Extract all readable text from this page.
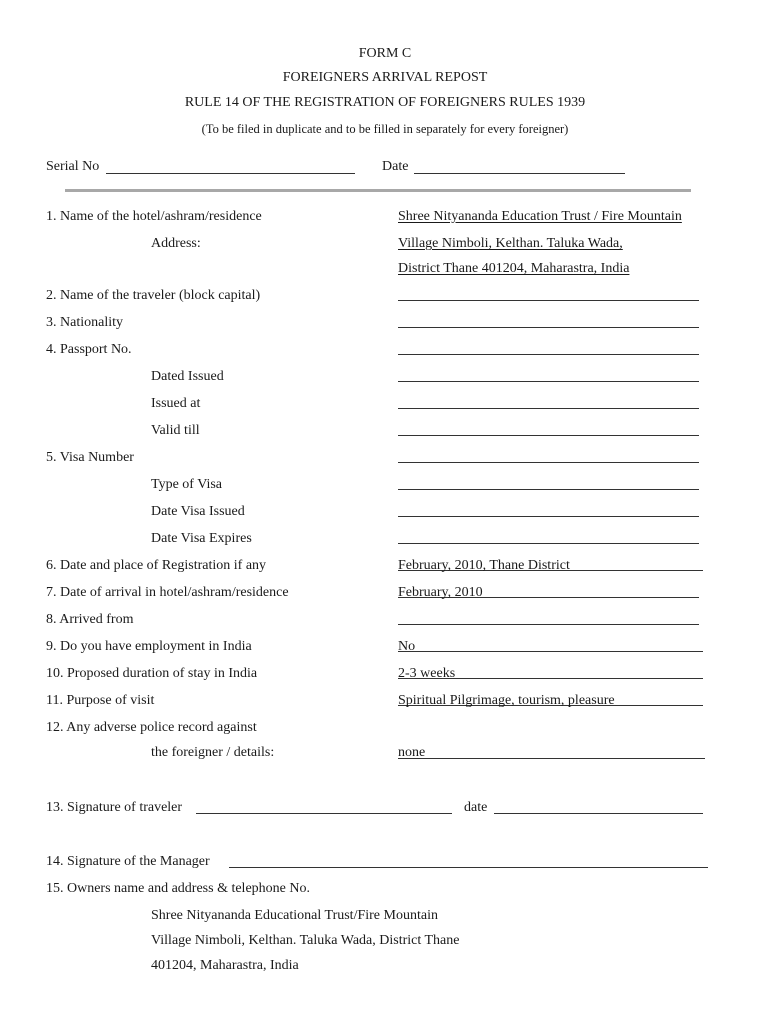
FORM C
FOREIGNERS ARRIVAL REPOST
RULE 14 OF THE REGISTRATION OF FOREIGNERS RULES 1939
(To be filed in duplicate and to be filled in separately for every foreigner)
Serial No	Date
1. Name of the hotel/ashram/residence	Shree Nityananda Education Trust / Fire Mountain
Address:	Village Nimboli, Kelthan. Taluka Wada,
District Thane 401204, Maharastra, India
2. Name of the traveler (block capital)
3. Nationality
4. Passport No.
Dated Issued
Issued at
Valid till
5. Visa Number
Type of Visa
Date Visa Issued
Date Visa Expires
6. Date and place of Registration if any	February, 2010, Thane District
7. Date of arrival in hotel/ashram/residence	February, 2010
8. Arrived from
9. Do you have employment in India	No
10. Proposed duration of stay in India	2-3 weeks
11. Purpose of visit	Spiritual Pilgrimage, tourism, pleasure
12. Any adverse police record against
the foreigner / details:	none
13. Signature of traveler	date
14. Signature of the Manager
15. Owners name and address & telephone No.
Shree Nityananda Educational Trust/Fire Mountain
Village Nimboli, Kelthan. Taluka Wada, District Thane
401204, Maharastra, India
